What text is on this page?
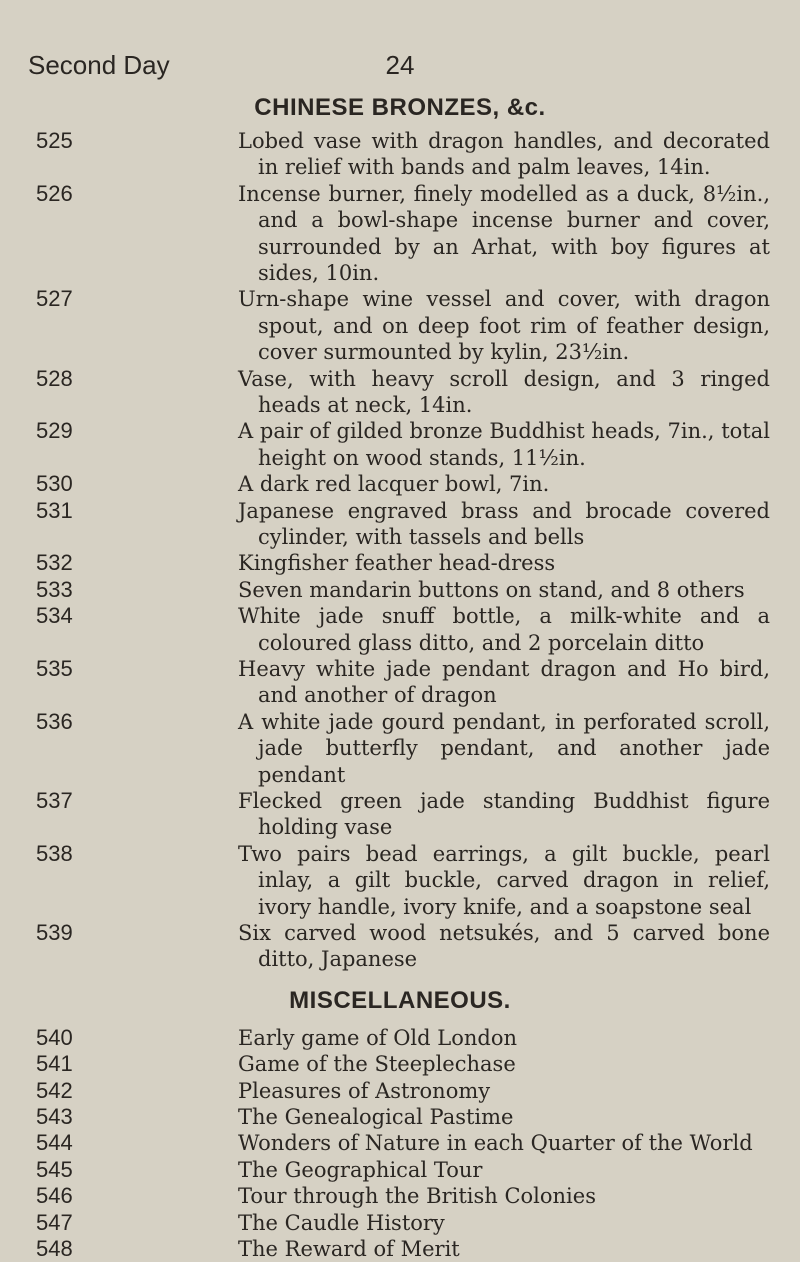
Second Day	24
CHINESE BRONZES, &c.
525	Lobed vase with dragon handles, and decorated in relief with bands and palm leaves, 14in.
526	Incense burner, finely modelled as a duck, 8½in., and a bowl-shape incense burner and cover, surrounded by an Arhat, with boy figures at sides, 10in.
527	Urn-shape wine vessel and cover, with dragon spout, and on deep foot rim of feather design, cover surmounted by kylin, 23½in.
528	Vase, with heavy scroll design, and 3 ringed heads at neck, 14in.
529	A pair of gilded bronze Buddhist heads, 7in., total height on wood stands, 11½in.
530	A dark red lacquer bowl, 7in.
531	Japanese engraved brass and brocade covered cylinder, with tassels and bells
532	Kingfisher feather head-dress
533	Seven mandarin buttons on stand, and 8 others
534	White jade snuff bottle, a milk-white and a coloured glass ditto, and 2 porcelain ditto
535	Heavy white jade pendant dragon and Ho bird, and another of dragon
536	A white jade gourd pendant, in perforated scroll, jade butterfly pendant, and another jade pendant
537	Flecked green jade standing Buddhist figure holding vase
538	Two pairs bead earrings, a gilt buckle, pearl inlay, a gilt buckle, carved dragon in relief, ivory handle, ivory knife, and a soapstone seal
539	Six carved wood netsukés, and 5 carved bone ditto, Japanese
MISCELLANEOUS.
540	Early game of Old London
541	Game of the Steeplechase
542	Pleasures of Astronomy
543	The Genealogical Pastime
544	Wonders of Nature in each Quarter of the World
545	The Geographical Tour
546	Tour through the British Colonies
547	The Caudle History
548	The Reward of Merit
